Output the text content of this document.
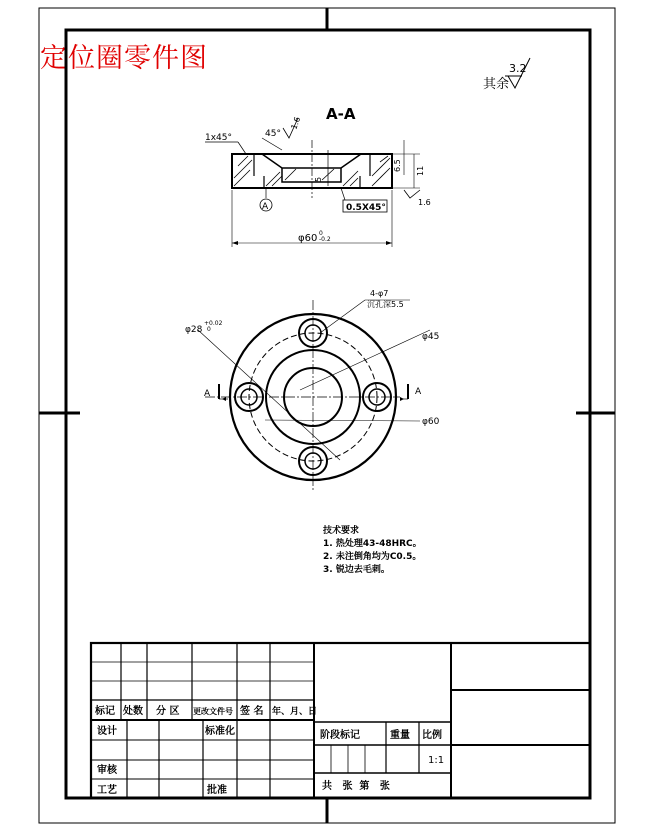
定位圈零件图
其余
3.2
A-A
1x45°	45°
1.6
6.5 11
5
1.6
A	0.5X45°
φ60 0
-0.2
4-φ7
沉孔深5.5
φ28
+0.02
0
φ45
φ60
A	A
技术要求
1. 热处理43-48HRC。
2. 未注倒角均为C0.5。
3. 锐边去毛刺。
标记 处数 分 区 更改文件号 签 名 年、月、日
设计	标准化
审核
工艺	批准
阶段标记	重量 比例
1:1
共   张  第   张
